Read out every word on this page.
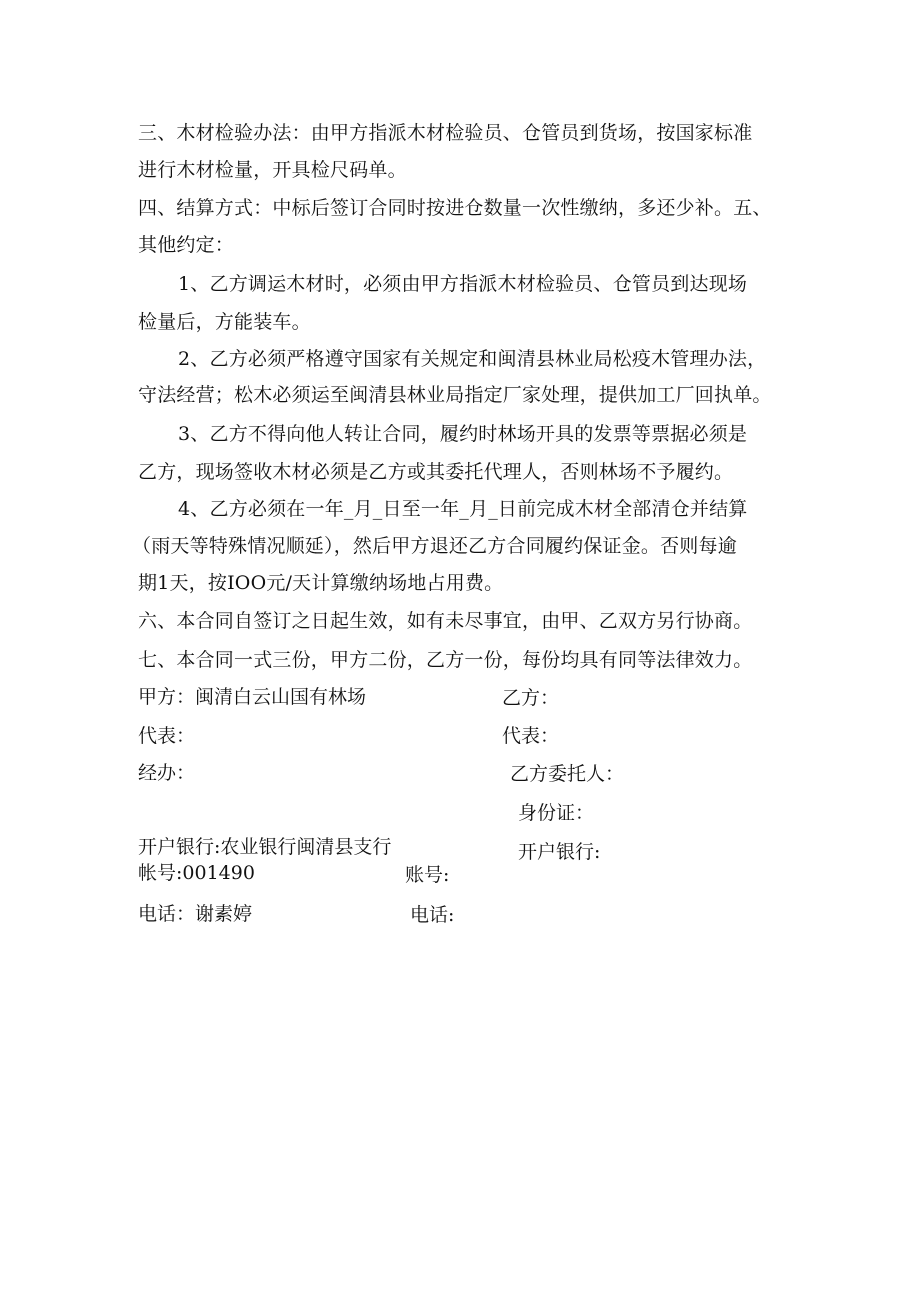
三、木材检验办法：由甲方指派木材检验员、仓管员到货场，按国家标准
进行木材检量，开具检尺码单。
四、结算方式：中标后签订合同时按进仓数量一次性缴纳，多还少补。五、
其他约定：
1、乙方调运木材时，必须由甲方指派木材检验员、仓管员到达现场
检量后，方能装车。
2、乙方必须严格遵守国家有关规定和闽清县林业局松疫木管理办法，
守法经营；松木必须运至闽清县林业局指定厂家处理，提供加工厂回执单。
3、乙方不得向他人转让合同，履约时林场开具的发票等票据必须是
乙方，现场签收木材必须是乙方或其委托代理人，否则林场不予履约。
4、乙方必须在一年_月_日至一年_月_日前完成木材全部清仓并结算
（雨天等特殊情况顺延），然后甲方退还乙方合同履约保证金。否则每逾
期1天，按IOO元/天计算缴纳场地占用费。
六、本合同自签订之日起生效，如有未尽事宜，由甲、乙双方另行协商。
七、本合同一式三份，甲方二份，乙方一份，每份均具有同等法律效力。
甲方：闽清白云山国有林场
代表：
经办：
开户银行:农业银行闽清县支行
帐号:001490
电话：谢素婷
乙方：
代表：
乙方委托人：
身份证：
开户银行:
账号:
电话:
